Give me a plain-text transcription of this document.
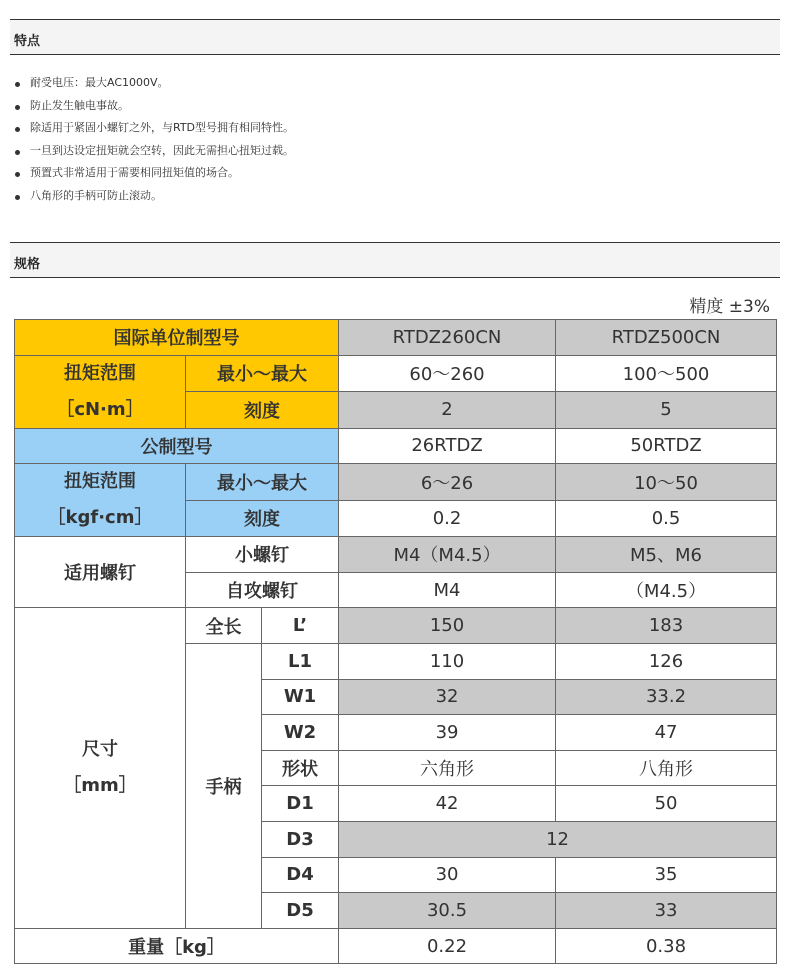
特点
耐受电压：最大AC1000V。
防止发生触电事故。
除适用于紧固小螺钉之外，与RTD型号拥有相同特性。
一旦到达设定扭矩就会空转，因此无需担心扭矩过载。
预置式非常适用于需要相同扭矩值的场合。
八角形的手柄可防止滚动。
规格
精度 ±3%
国际单位制型号			RTDZ260CN	RTDZ500CN

扭矩范围
［cN·m］	最小～最大		60～260	100～500
	刻度		2	5
公制型号			26RTDZ	50RTDZ

扭矩范围
［kgf·cm］	最小～最大		6～26	10～50
	刻度		0.2	0.5
适用螺钉	小螺钉		M4（M4.5）	M5、M6
	自攻螺钉		M4	（M4.5）

尺寸
［mm］	全长	L’	150	183
	手柄	L1	110	126
		W1	32	33.2
		W2	39	47
		形状	六角形	八角形
		D1	42	50
		D3	12	
		D4	30	35
		D5	30.5	33
重量［kg］			0.22	0.38
